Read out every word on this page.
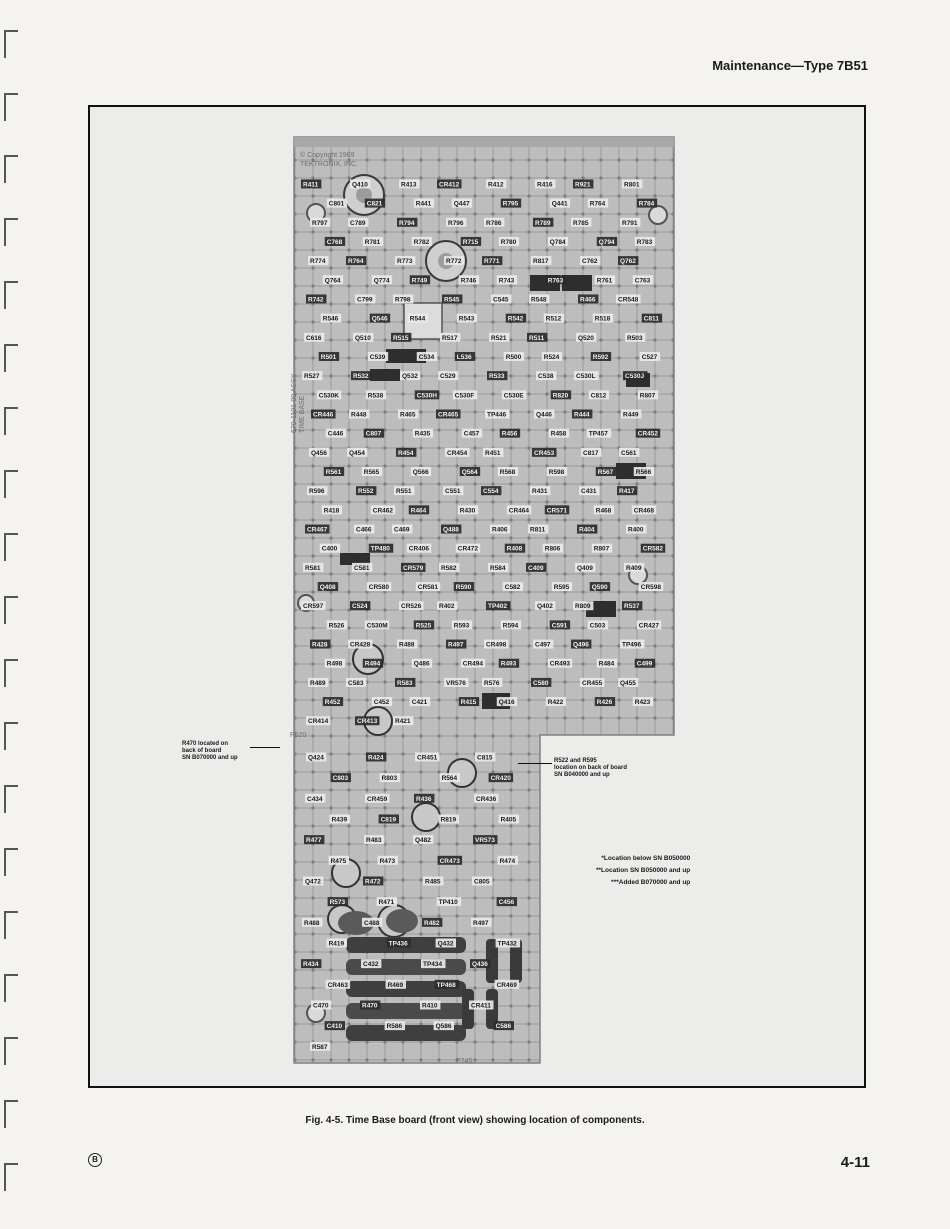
Maintenance—Type 7B51
© Copyright 1969
TEKTRONIX, INC.
TIME BASE
670-1101-00 ASSY
P520
P745
R411	Q410	R413	CR412	R412	R416	R921	R801
C801	C821	R441	Q447	R795	Q441	R764	R784
R797	C789	R794	R796	R786	R789	R785	R791
C768	R781	R782	R715	R780	Q784	Q794	R783
R774	R764	R773	R772	R771	R817	C762	Q762
Q764	Q774	R749	R746	R743	R763	R761	C763
R742	C799	R798	R545	C545	R548	R466	CR548
R546	Q546	R544	R543	R542	R512	R518	C811
C616	Q510	R515	R517	R521	R511	Q520	R503
R501	C539	C534	L536	R500	R524	R592	C527
R527	R532	Q532	C529	R533	C538	C530L	C530J
C530K	R538	C530H	C530F	C530E	R820	C812	R807
CR446	R448	R465	CR465	TP446	Q446	R444	R449
C446	C807	R435	C457	R456	R458	TP457	CR452
Q456	Q454	R454	CR454	R451	CR453	C817	C561
R561	R565	Q566	Q564	R568	R598	R567	R566
R596	R552	R551	C551	C554	R431	C431	R417
R418	CR462	R464	R430	CR464	CR571	R468	CR468
CR467	C466	C469	Q488	R406	R811	R404	R400
C400	TP480	CR406	CR472	R408	R806	R807	CR582
R581	C581	CR579	R582	R584	C409	Q409	R409
Q408	CR580	CR581	R590	C582	R595	Q590	CR598
CR597	C524	CR526	R402	TP402	Q402	R809	R537
R526	C530M	R525	R593	R594	C591	C503	CR427
R428	CR428	R488	R497	CR498	C497	Q496	TP496
R498	R494	Q486	CR494	R493	CR493	R484	C499
R489	C583	R583	VR576	R576	C580	CR455	Q455
R452	C452	C421	R415	Q416	R422	R426	R423
CR414	CR413	R421
Q424	R424	CR451	C815
C803	R803	R564	CR420
C434	CR459	R436	CR436
R439	C819	R819	R405
R477	R483	Q482	VR573
R475	R473	CR473	R474
Q472	R472	R485	C805
R573	R471	TP410	C456
R488	C488	R482	R497
R419	TP436	Q432	TP432
R434	C432	TP434	Q436
CR463	R469	TP468	CR469
C470	R470	R410	CR411
C410	R586	Q586	C586
R587
R470 located on
back of board
SN B070000 and up	R522 and R595
location on back of board
SN B040000 and up
*Location below SN B050000
**Location SN B050000 and up
***Added B070000 and up
Fig. 4-5. Time Base board (front view) showing location of components.
B	4-11
